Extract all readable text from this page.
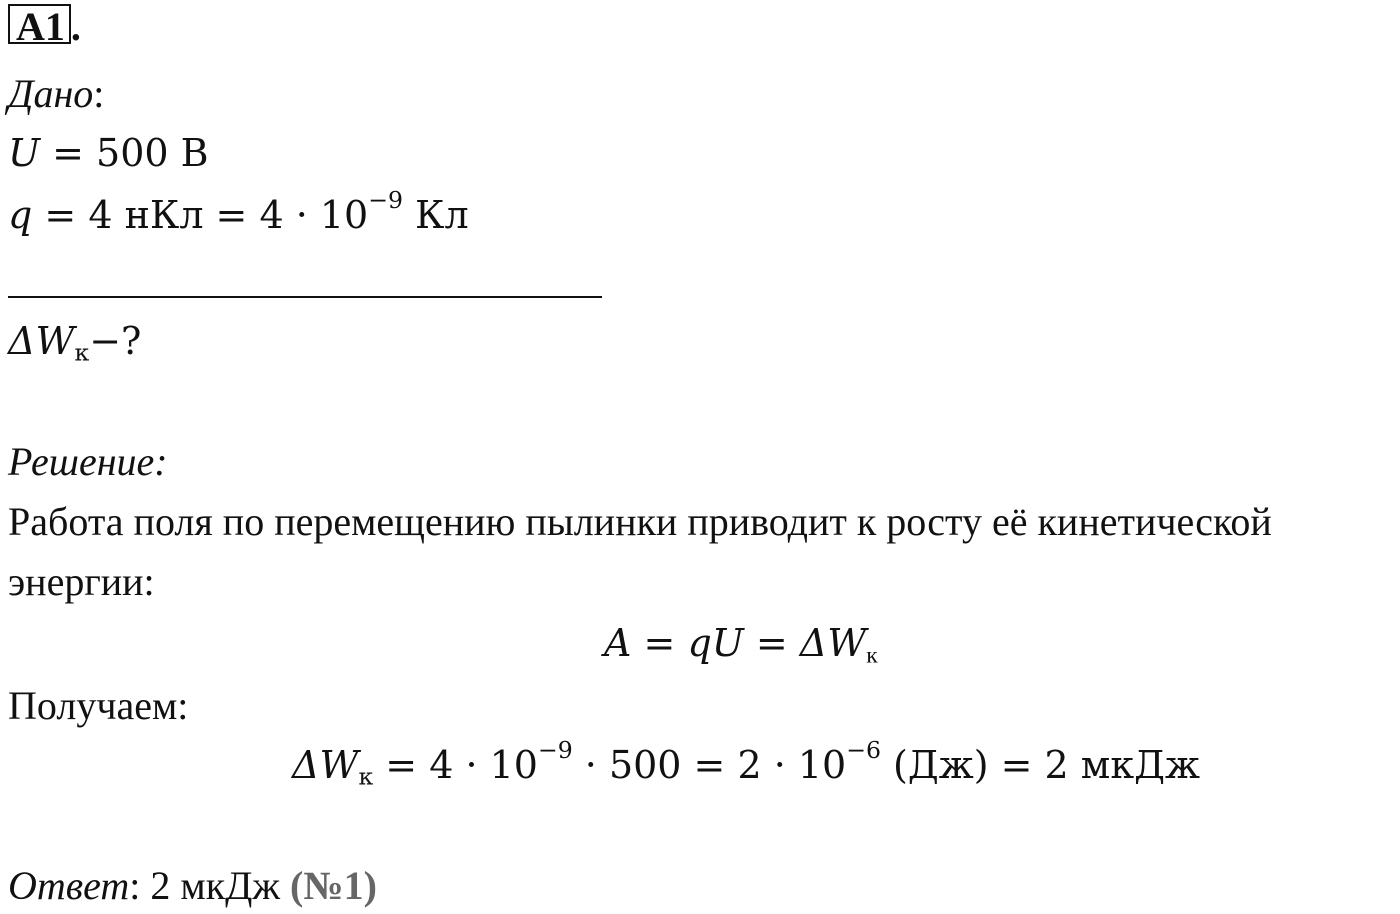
A1 .
Дано:
U = 500 В
q = 4 нКл = $4 \cdot 10^{-9}$ Кл
$\Delta W_к-$?
Решение:
Работа поля по перемещению пылинки приводит к росту её кинетической
энергии:
A = qU = $\Delta W_к$
Получаем:
$\Delta W_к = 4 \cdot 10^{-9} \cdot 500 = 2 \cdot 10^{-6}$ (Дж) = 2 мкДж
Ответ: 2 мкДж (№1)
